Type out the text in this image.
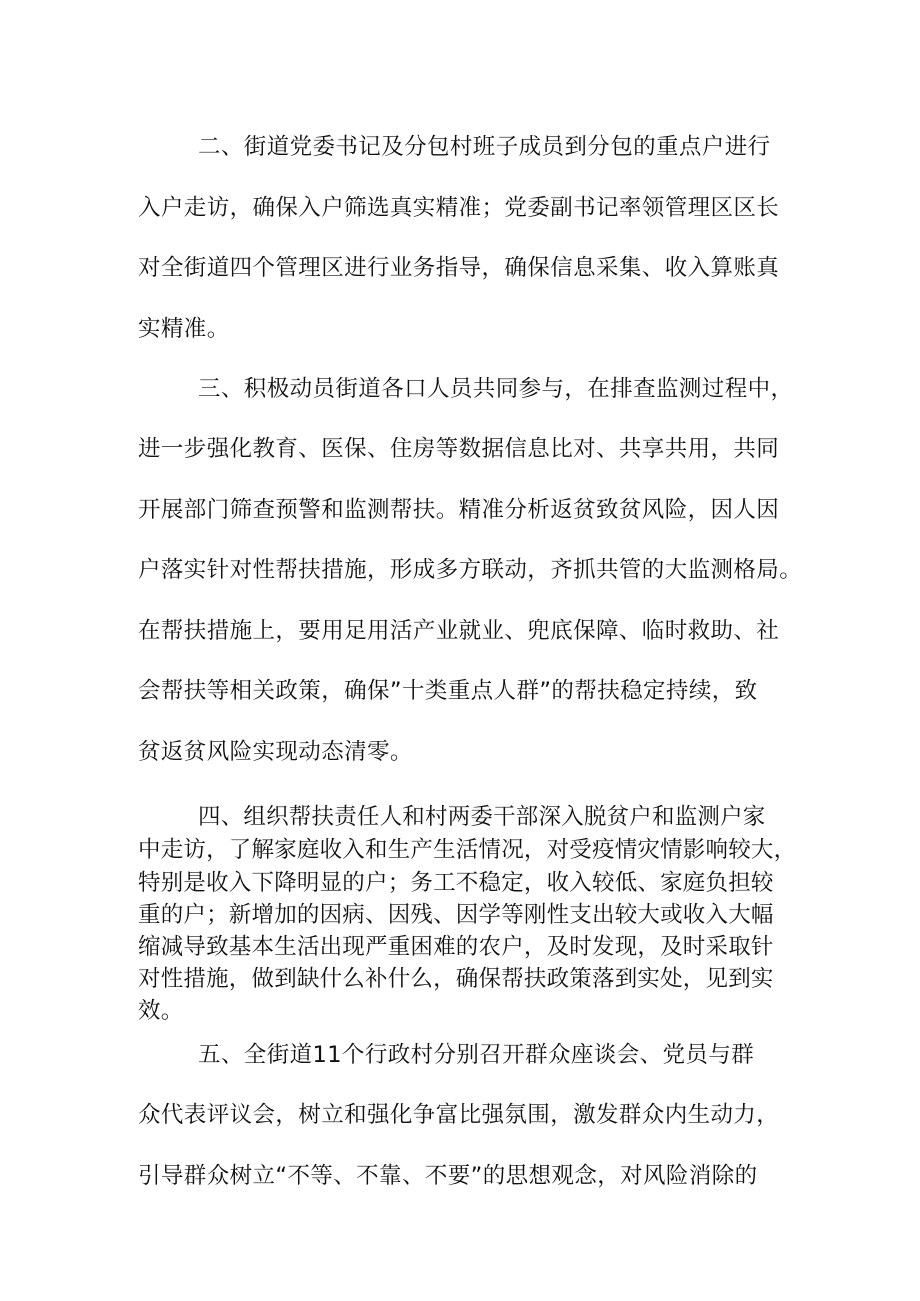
二、街道党委书记及分包村班子成员到分包的重点户进行
入户走访，确保入户筛选真实精准；党委副书记率领管理区区长
对全街道四个管理区进行业务指导，确保信息采集、收入算账真
实精准。
三、积极动员街道各口人员共同参与，在排查监测过程中，
进一步强化教育、医保、住房等数据信息比对、共享共用，共同
开展部门筛查预警和监测帮扶。精准分析返贫致贫风险，因人因
户落实针对性帮扶措施，形成多方联动，齐抓共管的大监测格局。
在帮扶措施上，要用足用活产业就业、兜底保障、临时救助、社
会帮扶等相关政策，确保”十类重点人群”的帮扶稳定持续，致
贫返贫风险实现动态清零。
四、组织帮扶责任人和村两委干部深入脱贫户和监测户家
中走访，了解家庭收入和生产生活情况，对受疫情灾情影响较大，
特别是收入下降明显的户；务工不稳定，收入较低、家庭负担较
重的户；新增加的因病、因残、因学等刚性支出较大或收入大幅
缩减导致基本生活出现严重困难的农户，及时发现，及时采取针
对性措施，做到缺什么补什么，确保帮扶政策落到实处，见到实
效。
五、全街道11个行政村分别召开群众座谈会、党员与群
众代表评议会，树立和强化争富比强氛围，激发群众内生动力，
引导群众树立“不等、不靠、不要”的思想观念，对风险消除的
